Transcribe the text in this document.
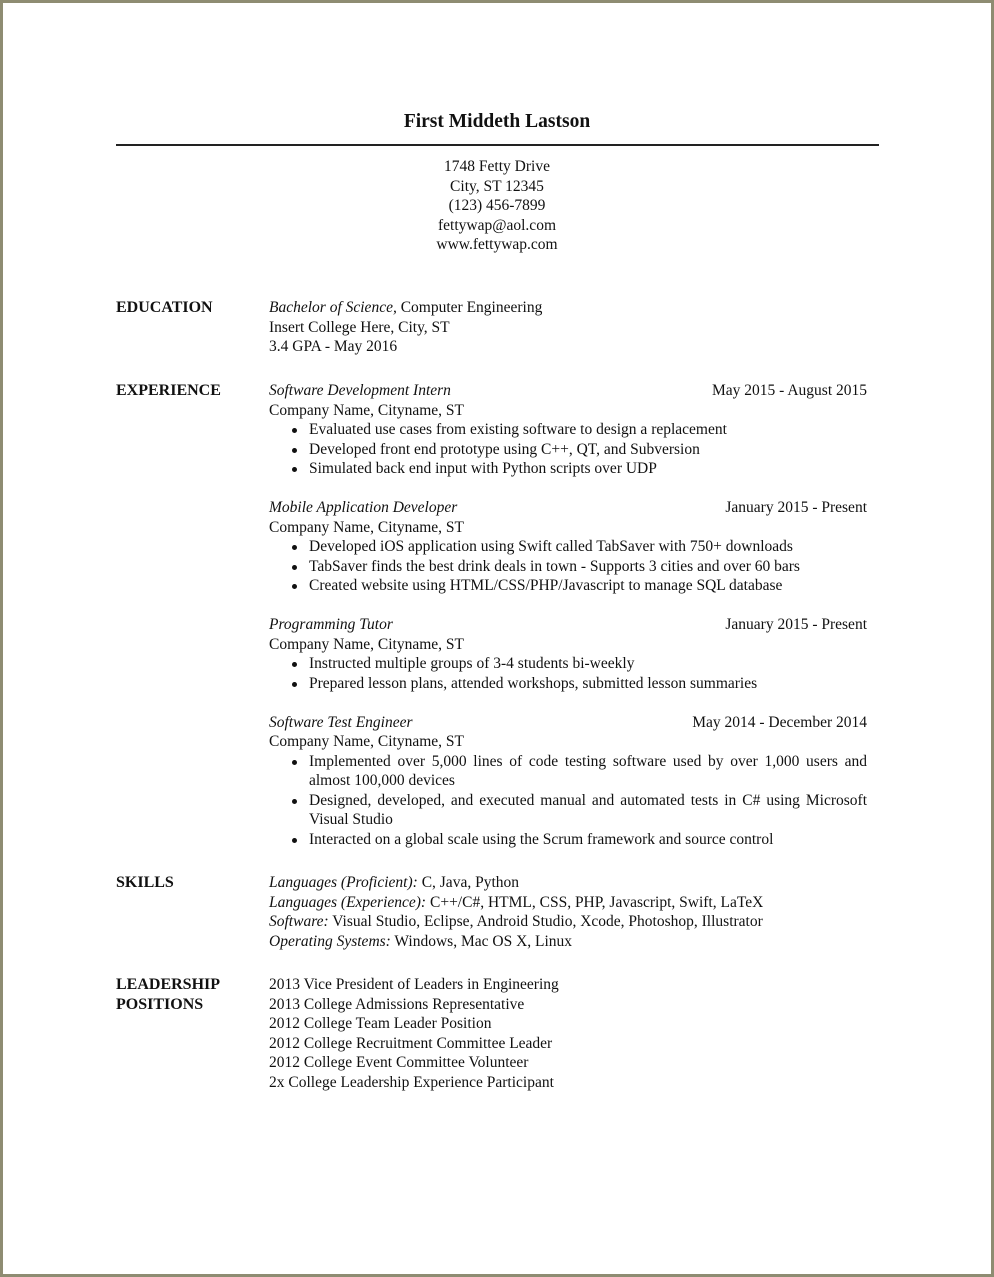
First Middeth Lastson
1748 Fetty Drive
City, ST 12345
(123) 456-7899
fettywap@aol.com
www.fettywap.com
EDUCATION	Bachelor of Science, Computer Engineering
Insert College Here, City, ST
3.4 GPA - May 2016
EXPERIENCE	Software Development Intern	May 2015 - August 2015
Company Name, Cityname, ST
Evaluated use cases from existing software to design a replacement
Developed front end prototype using C++, QT, and Subversion
Simulated back end input with Python scripts over UDP
Mobile Application Developer	January 2015 - Present
Company Name, Cityname, ST
Developed iOS application using Swift called TabSaver with 750+ downloads
TabSaver finds the best drink deals in town - Supports 3 cities and over 60 bars
Created website using HTML/CSS/PHP/Javascript to manage SQL database
Programming Tutor	January 2015 - Present
Company Name, Cityname, ST
Instructed multiple groups of 3-4 students bi-weekly
Prepared lesson plans, attended workshops, submitted lesson summaries
Software Test Engineer	May 2014 - December 2014
Company Name, Cityname, ST
Implemented over 5,000 lines of code testing software used by over 1,000 users and almost 100,000 devices
Designed, developed, and executed manual and automated tests in C# using Microsoft Visual Studio
Interacted on a global scale using the Scrum framework and source control
SKILLS	Languages (Proficient): C, Java, Python
Languages (Experience): C++/C#, HTML, CSS, PHP, Javascript, Swift, LaTeX
Software: Visual Studio, Eclipse, Android Studio, Xcode, Photoshop, Illustrator
Operating Systems: Windows, Mac OS X, Linux
LEADERSHIP
POSITIONS
2013 Vice President of Leaders in Engineering
2013 College Admissions Representative
2012 College Team Leader Position
2012 College Recruitment Committee Leader
2012 College Event Committee Volunteer
2x College Leadership Experience Participant
